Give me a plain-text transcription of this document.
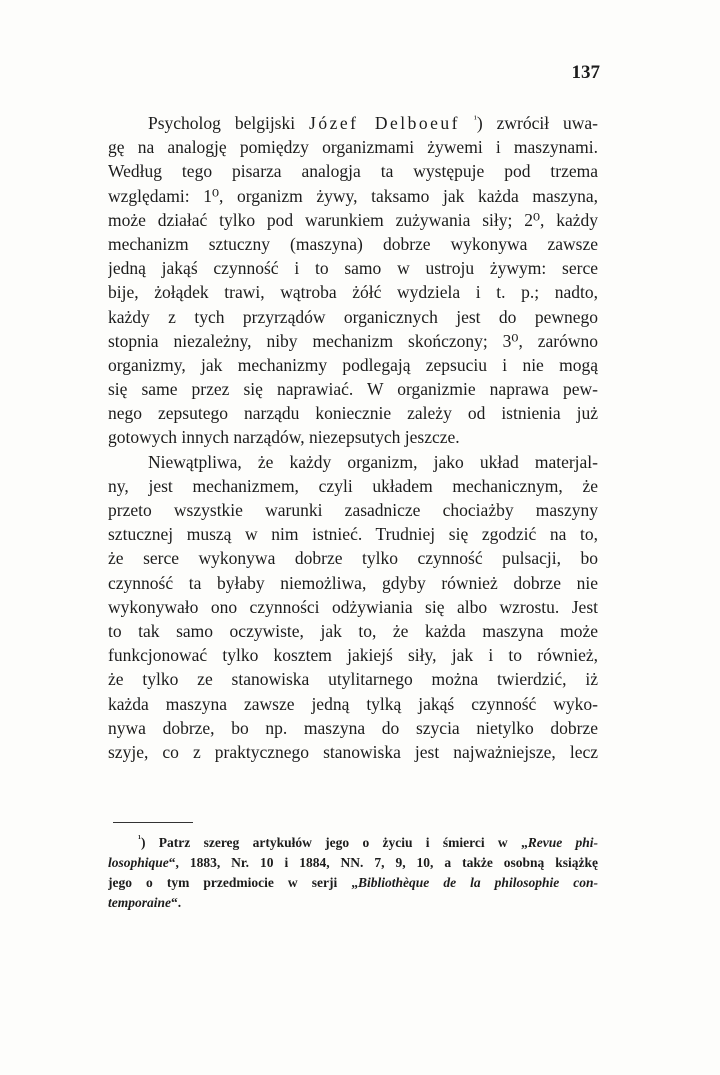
137
Psycholog belgijski Józef Delboeuf $^{^1}$) zwrócił uwa-
gę na analogję pomiędzy organizmami żywemi i maszynami.
Według tego pisarza analogja ta występuje pod trzema
względami: 1⁰, organizm żywy, taksamo jak każda maszyna,
może działać tylko pod warunkiem zużywania siły; 2⁰, każdy
mechanizm sztuczny (maszyna) dobrze wykonywa zawsze
jedną jakąś czynność i to samo w ustroju żywym: serce
bije, żołądek trawi, wątroba żółć wydziela i t. p.; nadto,
każdy z tych przyrządów organicznych jest do pewnego
stopnia niezależny, niby mechanizm skończony; 3⁰, zarówno
organizmy, jak mechanizmy podlegają zepsuciu i nie mogą
się same przez się naprawiać. W organizmie naprawa pew-
nego zepsutego narządu koniecznie zależy od istnienia już
gotowych innych narządów, niezepsutych jeszcze.
Niewątpliwa, że każdy organizm, jako układ materjal-
ny, jest mechanizmem, czyli układem mechanicznym, że
przeto wszystkie warunki zasadnicze chociażby maszyny
sztucznej muszą w nim istnieć. Trudniej się zgodzić na to,
że serce wykonywa dobrze tylko czynność pulsacji, bo
czynność ta byłaby niemożliwa, gdyby również dobrze nie
wykonywało ono czynności odżywiania się albo wzrostu. Jest
to tak samo oczywiste, jak to, że każda maszyna może
funkcjonować tylko kosztem jakiejś siły, jak i to również,
że tylko ze stanowiska utylitarnego można twierdzić, iż
każda maszyna zawsze jedną tylką jakąś czynność wyko-
nywa dobrze, bo np. maszyna do szycia nietylko dobrze
szyje, co z praktycznego stanowiska jest najważniejsze, lecz
$^{^1}$) Patrz szereg artykułów jego o życiu i śmierci w „Revue phi-
losophique“, 1883, Nr. 10 i 1884, NN. 7, 9, 10, a także osobną książkę
jego o tym przedmiocie w serji „Bibliothèque de la philosophie con-
temporaine“.
